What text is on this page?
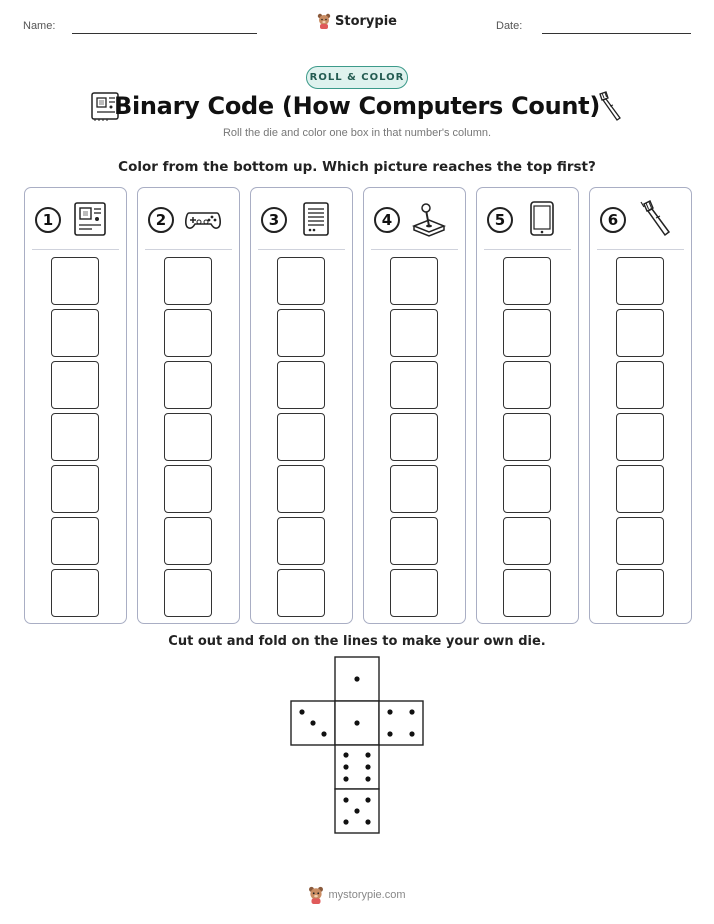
Name:	Date:
Storypie
ROLL & COLOR
Binary Code (How Computers Count)
Roll the die and color one box in that number's column.
Color from the bottom up. Which picture reaches the top first?
1	2	3	4	5	6
Cut out and fold on the lines to make your own die.
mystorypie.com
